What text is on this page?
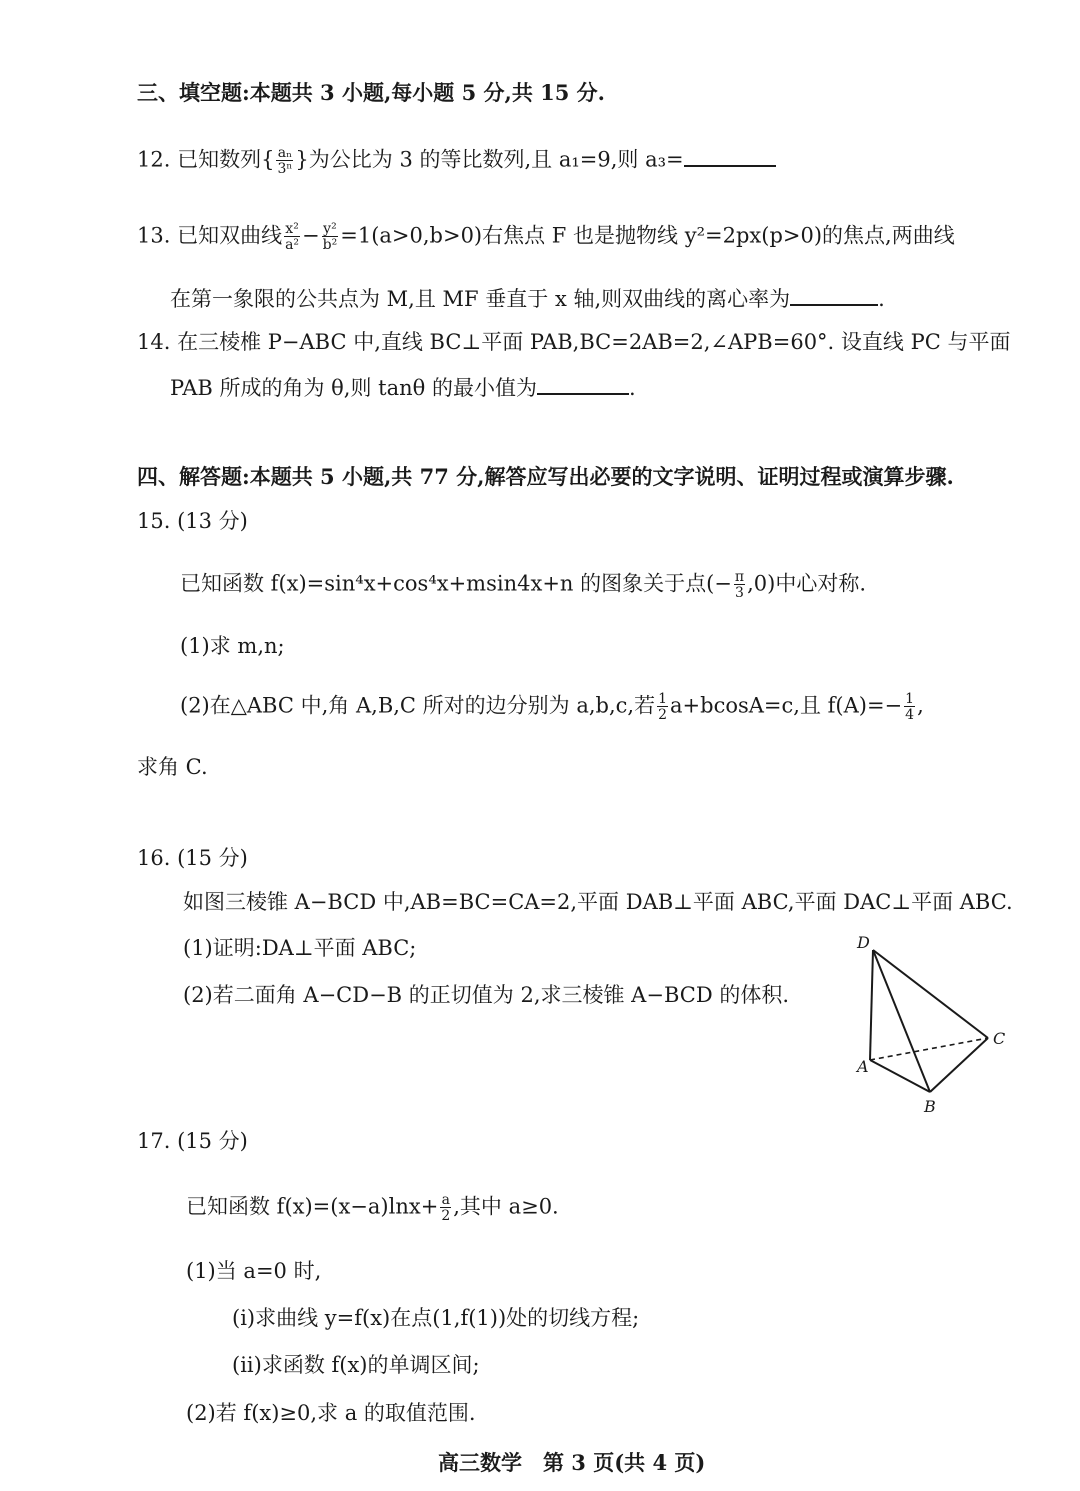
三、填空题:本题共 3 小题,每小题 5 分,共 15 分.
12. 已知数列{ $\frac{\text{aₙ}}{\text{3ⁿ}}$ }为公比为 3 的等比数列,且 a₁=9,则 a₃=
13. 已知双曲线 $\frac{\text{x²}}{\text{a²}} - \frac{\text{y²}}{\text{b²}} =1(a>0,b>0)$右焦点 F 也是抛物线 y²=2px(p>0)的焦点,两曲线
在第一象限的公共点为 M,且 MF 垂直于 x 轴,则双曲线的离心率为	.
14. 在三棱椎 P−ABC 中,直线 BC⊥平面 PAB,BC=2AB=2,∠APB=60°. 设直线 PC 与平面
PAB 所成的角为 θ,则 tanθ 的最小值为	.
四、解答题:本题共 5 小题,共 77 分,解答应写出必要的文字说明、证明过程或演算步骤.
15. (13 分)
已知函数 f(x)=sin⁴x+cos⁴x+msin4x+n 的图象关于点(− $\frac{\pi}{3} ,0$)中心对称.
(1)求 m,n;
(2)在△ABC 中,角 A,B,C 所对的边分别为 a,b,c,若 $\frac{1}{2} a+bcosA=c$,且 $f(A)=- \frac{1}{4}$ ,
求角 C.
16. (15 分)
如图三棱锥 A−BCD 中,AB=BC=CA=2,平面 DAB⊥平面 ABC,平面 DAC⊥平面 ABC.
(1)证明:DA⊥平面 ABC;
(2)若二面角 A−CD−B 的正切值为 2,求三棱锥 A−BCD 的体积.
D
A
B
C
17. (15 分)
已知函数 $f(x)=(x-a)\ln x+ \frac{a}{2}$ ,其中 a≥0.
(1)当 a=0 时,
(i)求曲线 y=f(x)在点(1,f(1))处的切线方程;
(ii)求函数 f(x)的单调区间;
(2)若 f(x)≥0,求 a 的取值范围.
高三数学　第 3 页(共 4 页)
